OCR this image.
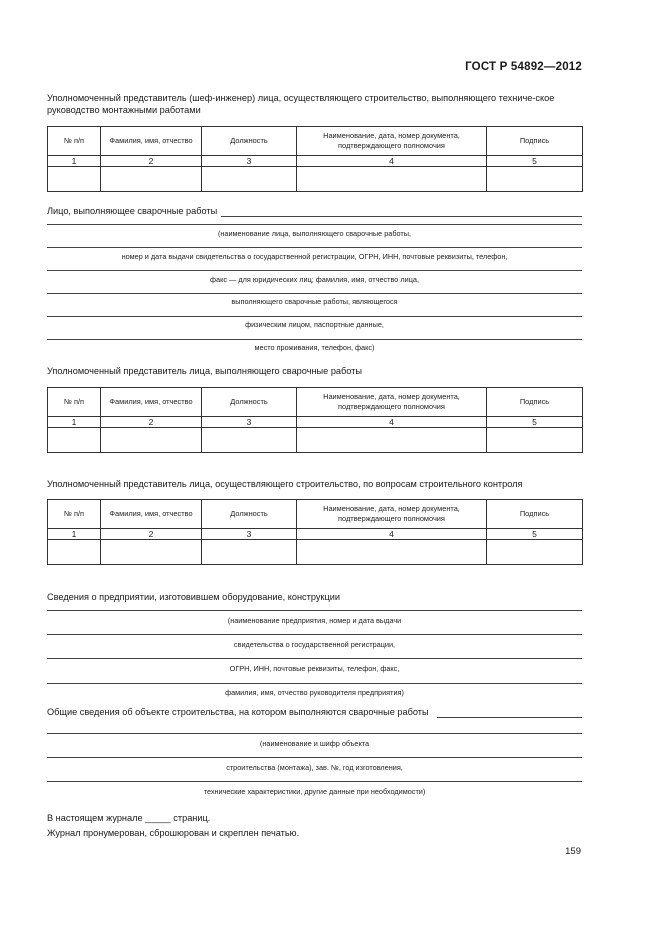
ГОСТ Р 54892—2012
Уполномоченный представитель (шеф-инженер) лица, осуществляющего строительство, выполняющего техниче-ское руководство монтажными работами
№ п/п	Фамилия, имя, отчество	Должность	Наименование, дата, номер документа, подтверждающего полномочия	Подпись
1	2	3	4	5

Лицо, выполняющее сварочные работы
(наименование лица, выполняющего сварочные работы,
номер и дата выдачи свидетельства о государственной регистрации, ОГРН, ИНН, почтовые реквизиты, телефон,
факс — для юридических лиц; фамилия, имя, отчество лица,
выполняющего сварочные работы, являющегося
физическим лицом, паспортные данные,
место проживания, телефон, факс)
Уполномоченный представитель лица, выполняющего сварочные работы
№ п/п	Фамилия, имя, отчество	Должность	Наименование, дата, номер документа, подтверждающего полномочия	Подпись
1	2	3	4	5

Уполномоченный представитель лица, осуществляющего строительство, по вопросам строительного контроля
№ п/п	Фамилия, имя, отчество	Должность	Наименование, дата, номер документа, подтверждающего полномочия	Подпись
1	2	3	4	5

Сведения о предприятии, изготовившем оборудование, конструкции
(наименование предприятия, номер и дата выдачи
свидетельства о государственной регистрации,
ОГРН, ИНН, почтовые реквизиты, телефон, факс,
фамилия, имя, отчество руководителя предприятия)
Общие сведения об объекте строительства, на котором выполняются сварочные работы
(наименование и шифр объекта
строительства (монтажа), зав. №, год изготовления,
технические характеристики, другие данные при необходимости)
В настоящем журнале _____ страниц.
Журнал пронумерован, сброшюрован и скреплен печатью.
159
